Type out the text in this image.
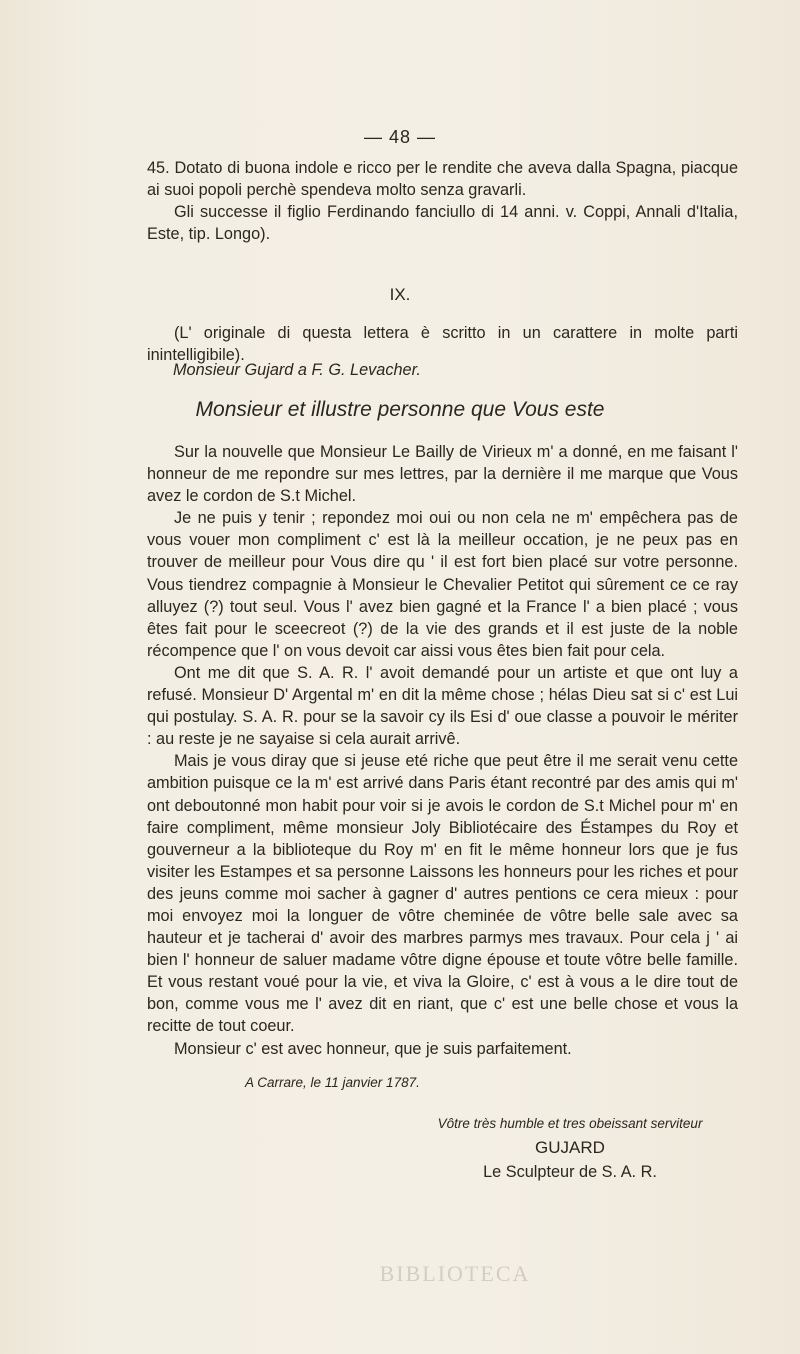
— 48 —

45. Dotato di buona indole e ricco per le rendite che aveva dalla Spagna, piacque ai suoi popoli perchè spendeva molto senza gravarli.

Gli successe il figlio Ferdinando fanciullo di 14 anni. v. Coppi, Annali d'Italia, Este, tip. Longo).

IX.

(L' originale di questa lettera è scritto in un carattere in molte parti inintelligibile).

Monsieur Gujard a F. G. Levacher.
Monsieur et illustre personne que Vous este

Sur la nouvelle que Monsieur Le Bailly de Virieux m' a donné, en me faisant l' honneur de me repondre sur mes lettres, par la dernière il me marque que Vous avez le cordon de S.t Michel.

Je ne puis y tenir ; repondez moi oui ou non cela ne m' empêchera pas de vous vouer mon compliment c' est là la meilleur occation, je ne peux pas en trouver de meilleur pour Vous dire qu ' il est fort bien placé sur votre personne. Vous tiendrez compagnie à Monsieur le Chevalier Petitot qui sûrement ce ce ray alluyez (?) tout seul. Vous l' avez bien gagné et la France l' a bien placé ; vous êtes fait pour le sceecreot (?) de la vie des grands et il est juste de la noble récompence que l' on vous devoit car aissi vous êtes bien fait pour cela.

Ont me dit que S. A. R. l' avoit demandé pour un artiste et que ont luy a refusé. Monsieur D' Argental m' en dit la même chose ; hélas Dieu sat si c' est Lui qui postulay. S. A. R. pour se la savoir cy ils Esi d' oue classe a pouvoir le mériter : au reste je ne sayaise si cela aurait arrivê.

Mais je vous diray que si jeuse eté riche que peut être il me serait venu cette ambition puisque ce la m' est arrivé dans Paris étant recontré par des amis qui m' ont deboutonné mon habit pour voir si je avois le cordon de S.t Michel pour m' en faire compliment, même monsieur Joly Bibliotécaire des Éstampes du Roy et gouverneur a la biblioteque du Roy m' en fit le même honneur lors que je fus visiter les Estampes et sa personne Laissons les honneurs pour les riches et pour des jeuns comme moi sacher à gagner d' autres pentions ce cera mieux : pour moi envoyez moi la longuer de vôtre cheminée de vôtre belle sale avec sa hauteur et je tacherai d' avoir des marbres parmys mes travaux. Pour cela j ' ai bien l' honneur de saluer madame vôtre digne épouse et toute vôtre belle famille. Et vous restant voué pour la vie, et viva la Gloire, c' est à vous a le dire tout de bon, comme vous me l' avez dit en riant, que c' est une belle chose et vous la recitte de tout coeur.

Monsieur c' est avec honneur, que je suis parfaitement.

A Carrare, le 11 janvier 1787.
Vôtre très humble et tres obeissant serviteur
GUJARD
Le Sculpteur de S. A. R.
BIBLIOTECA
